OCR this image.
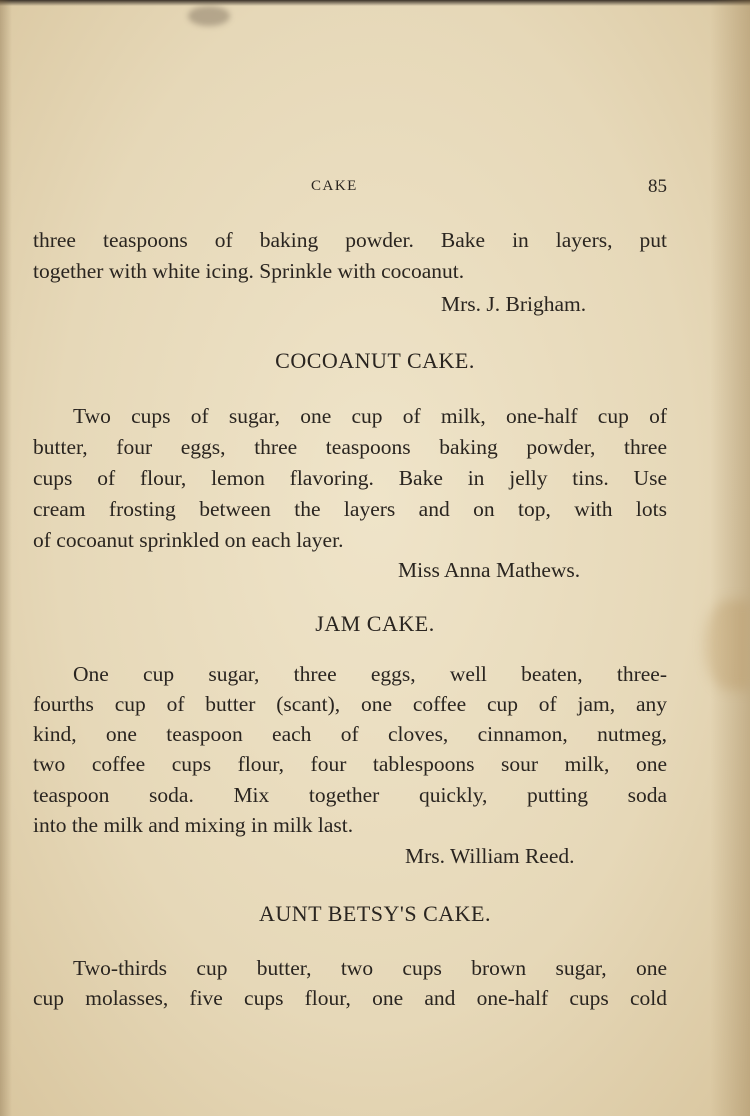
CAKE	85
three teaspoons of baking powder. Bake in layers, put
together with white icing. Sprinkle with cocoanut.
Mrs. J. Brigham.
COCOANUT CAKE.
Two cups of sugar, one cup of milk, one-half cup of
butter, four eggs, three teaspoons baking powder, three
cups of flour, lemon flavoring. Bake in jelly tins. Use
cream frosting between the layers and on top, with lots
of cocoanut sprinkled on each layer.
Miss Anna Mathews.
JAM CAKE.
One cup sugar, three eggs, well beaten, three-
fourths cup of butter (scant), one coffee cup of jam, any
kind, one teaspoon each of cloves, cinnamon, nutmeg,
two coffee cups flour, four tablespoons sour milk, one
teaspoon soda. Mix together quickly, putting soda
into the milk and mixing in milk last.
Mrs. William Reed.
AUNT BETSY'S CAKE.
Two-thirds cup butter, two cups brown sugar, one
cup molasses, five cups flour, one and one-half cups cold
